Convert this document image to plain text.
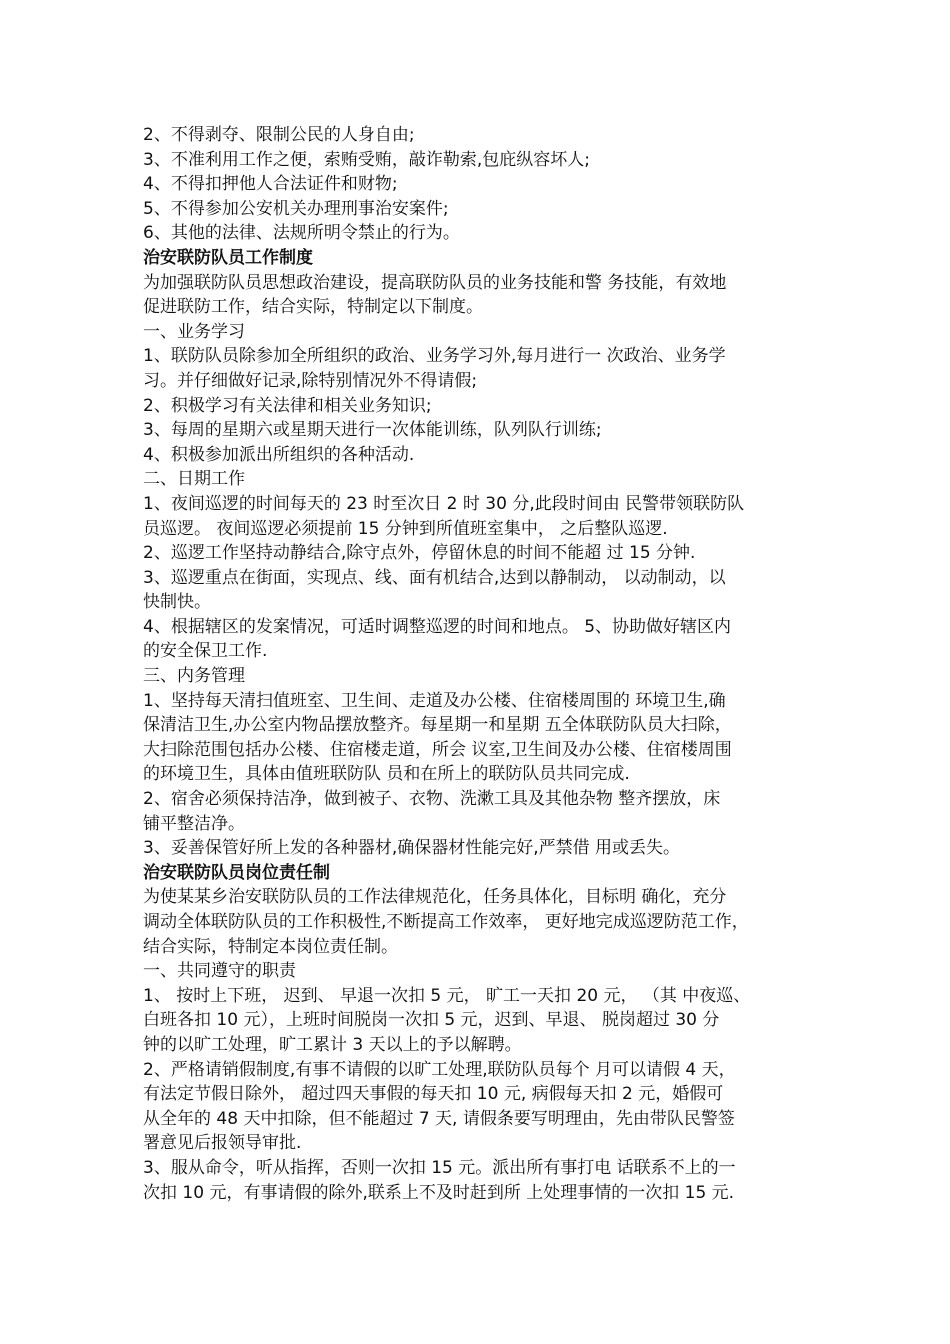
2、不得剥夺、限制公民的人身自由;
3、不准利用工作之便，索贿受贿，敲诈勒索,包庇纵容坏人;
4、不得扣押他人合法证件和财物;
5、不得参加公安机关办理刑事治安案件;
6、其他的法律、法规所明令禁止的行为。
治安联防队员工作制度
为加强联防队员思想政治建设，提高联防队员的业务技能和警 务技能，有效地
促进联防工作，结合实际，特制定以下制度。
一、业务学习
1、联防队员除参加全所组织的政治、业务学习外,每月进行一 次政治、业务学
习。并仔细做好记录,除特别情况外不得请假;
2、积极学习有关法律和相关业务知识;
3、每周的星期六或星期天进行一次体能训练，队列队行训练;
4、积极参加派出所组织的各种活动.
二、日期工作
1、夜间巡逻的时间每天的 23 时至次日 2 时 30 分,此段时间由 民警带领联防队
员巡逻。 夜间巡逻必须提前 15 分钟到所值班室集中， 之后整队巡逻.
2、巡逻工作坚持动静结合,除守点外，停留休息的时间不能超 过 15 分钟.
3、巡逻重点在街面，实现点、线、面有机结合,达到以静制动， 以动制动，以
快制快。
4、根据辖区的发案情况，可适时调整巡逻的时间和地点。 5、协助做好辖区内
的安全保卫工作.
三、内务管理
1、坚持每天清扫值班室、卫生间、走道及办公楼、住宿楼周围的 环境卫生,确
保清洁卫生,办公室内物品摆放整齐。每星期一和星期 五全体联防队员大扫除，
大扫除范围包括办公楼、住宿楼走道，所会 议室,卫生间及办公楼、住宿楼周围
的环境卫生，具体由值班联防队 员和在所上的联防队员共同完成.
2、宿舍必须保持洁净，做到被子、衣物、洗漱工具及其他杂物 整齐摆放，床
铺平整洁净。
3、妥善保管好所上发的各种器材,确保器材性能完好,严禁借 用或丢失。
治安联防队员岗位责任制
为使某某乡治安联防队员的工作法律规范化，任务具体化，目标明 确化，充分
调动全体联防队员的工作积极性,不断提高工作效率， 更好地完成巡逻防范工作，
结合实际，特制定本岗位责任制。
一、共同遵守的职责
1、 按时上下班， 迟到、 早退一次扣 5 元， 旷工一天扣 20 元， （其 中夜巡、
白班各扣 10 元），上班时间脱岗一次扣 5 元，迟到、早退、 脱岗超过 30 分
钟的以旷工处理，旷工累计 3 天以上的予以解聘。
2、严格请销假制度,有事不请假的以旷工处理,联防队员每个 月可以请假 4 天，
有法定节假日除外， 超过四天事假的每天扣 10 元, 病假每天扣 2 元，婚假可
从全年的 48 天中扣除，但不能超过 7 天, 请假条要写明理由，先由带队民警签
署意见后报领导审批.
3、服从命令，听从指挥，否则一次扣 15 元。派出所有事打电 话联系不上的一
次扣 10 元，有事请假的除外,联系上不及时赶到所 上处理事情的一次扣 15 元.
